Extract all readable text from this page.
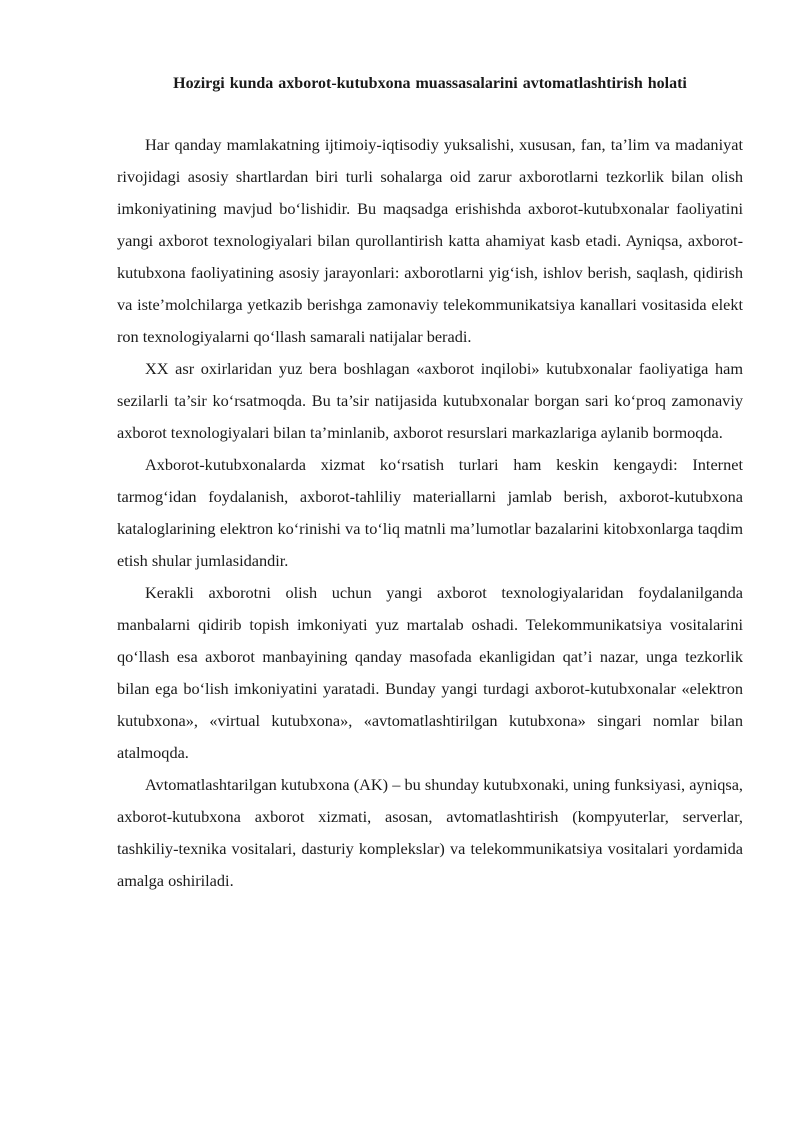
Hozirgi kunda axborot-kutubxona muassasalarini avtomatlashtirish holati

Har qanday mamlakatning ijtimoiy-iqtisodiy yuksalishi, xususan, fan, ta’lim va madaniyat rivojidagi asosiy shartlardan biri turli sohalarga oid zarur axborotlarni tezkorlik bilan olish imkoniyatining mavjud bo‘lishidir. Bu maqsadga erishishda axborot-kutubxonalar faoliyatini yangi axborot texnologiyalari bilan qurollantirish katta ahamiyat kasb etadi. Ayniqsa, axborot-kutubxona faoliyatining asosiy jarayonlari: axborotlarni yig‘ish, ishlov berish, saqlash, qidirish va iste’molchilarga yetkazib berishga zamonaviy telekommunikatsiya kanallari vositasida elekt ron texnologiyalarni qo‘llash samarali natijalar beradi.

XX asr oxirlaridan yuz bera boshlagan «axborot inqilobi» kutubxonalar faoliyatiga ham sezilarli ta’sir ko‘rsatmoqda. Bu ta’sir natijasida kutubxonalar borgan sari ko‘proq zamonaviy axborot texnologiyalari bilan ta’minlanib, axborot resurslari markazlariga aylanib bormoqda.

Axborot-kutubxonalarda xizmat ko‘rsatish turlari ham keskin kengaydi: Internet tarmog‘idan foydalanish, axborot-tahliliy materiallarni jamlab berish, axborot-kutubxona kataloglarining elektron ko‘rinishi va to‘liq matnli ma’lumotlar bazalarini kitobxonlarga taqdim etish shular jumlasidandir.

Kerakli axborotni olish uchun yangi axborot texnologiyalaridan foydalanilganda manbalarni qidirib topish imkoniyati yuz martalab oshadi. Telekommunikatsiya vositalarini qo‘llash esa axborot manbayining qanday masofada ekanligidan qat’i nazar, unga tezkorlik bilan ega bo‘lish imkoniyatini yaratadi. Bunday yangi turdagi axborot-kutubxonalar «elektron kutubxona», «virtual kutubxona», «avtomatlashtirilgan kutubxona» singari nomlar bilan atalmoqda.

Avtomatlashtarilgan kutubxona (AK) – bu shunday kutubxonaki, uning funksiyasi, ayniqsa, axborot-kutubxona axborot xizmati, asosan, avtomatlashtirish (kompyuterlar, serverlar, tashkiliy-texnika vositalari, dasturiy komplekslar) va telekommunikatsiya vositalari yordamida amalga oshiriladi.
